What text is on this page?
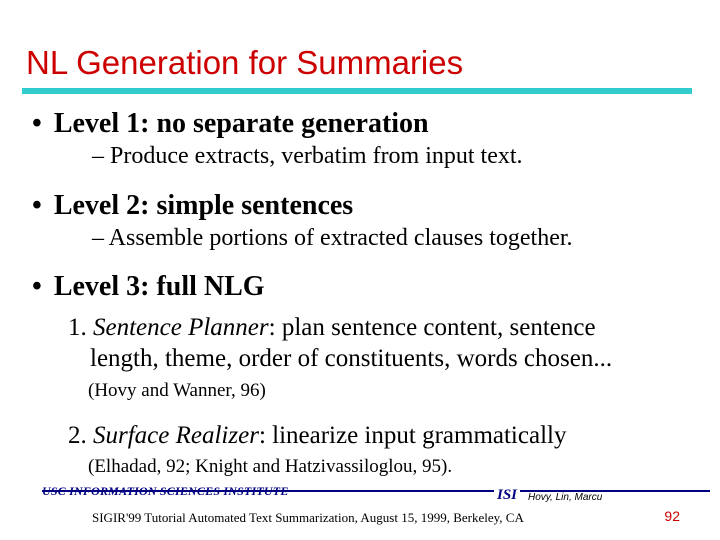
NL Generation for Summaries

• Level 1: no separate generation

– Produce extracts, verbatim from input text.

• Level 2: simple sentences

– Assemble portions of extracted clauses together.

• Level 3: full NLG

1. Sentence Planner: plan sentence content, sentence
length, theme, order of constituents, words chosen...

(Hovy and Wanner, 96)

2. Surface Realizer: linearize input grammatically

(Elhadad, 92; Knight and Hatzivassiloglou, 95).

USC INFORMATION SCIENCES INSTITUTE	ISI Hovy, Lin, Marcu
SIGIR'99 Tutorial Automated Text Summarization, August 15, 1999, Berkeley, CA	92
